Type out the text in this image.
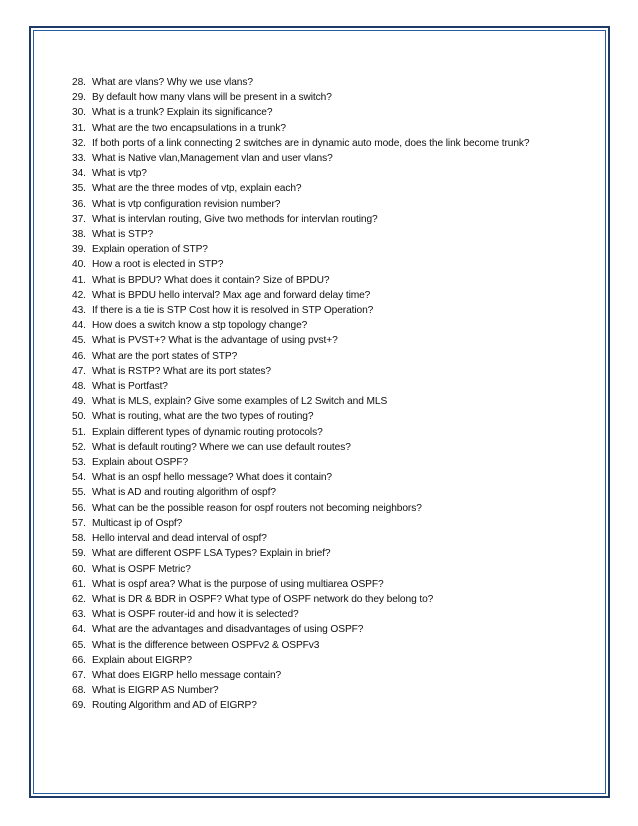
28. What are vlans? Why we use vlans?
29. By default how many vlans will be present in a switch?
30. What is a trunk? Explain its significance?
31. What are the two encapsulations in a trunk?
32. If both ports of a link connecting 2 switches are in dynamic auto mode, does the link become trunk?
33. What is Native vlan,Management vlan and user vlans?
34. What is vtp?
35. What are the three modes of vtp, explain each?
36. What is vtp configuration revision number?
37. What is intervlan routing, Give two methods for intervlan routing?
38. What is STP?
39. Explain operation of STP?
40. How a root is elected in STP?
41. What is BPDU? What does it contain? Size of BPDU?
42. What is BPDU hello interval? Max age and forward delay time?
43. If there is a tie is STP Cost how it is resolved in STP Operation?
44. How does a switch know a stp topology change?
45. What is PVST+? What is the advantage of using pvst+?
46. What are the port states of STP?
47. What is RSTP? What are its port states?
48. What is Portfast?
49. What is MLS, explain? Give some examples of L2 Switch and MLS
50. What is routing, what are the two types of routing?
51. Explain different types of dynamic routing protocols?
52. What is default routing? Where we can use default routes?
53. Explain about OSPF?
54. What is an ospf hello message? What does it contain?
55. What is AD and routing algorithm of ospf?
56. What can be the possible reason for ospf routers not becoming neighbors?
57. Multicast ip of Ospf?
58. Hello interval and dead interval of ospf?
59. What are different OSPF LSA Types? Explain in brief?
60. What is OSPF Metric?
61. What is ospf area? What is the purpose of using multiarea OSPF?
62. What is DR & BDR in OSPF? What type of OSPF network do they belong to?
63. What is OSPF router-id and how it is selected?
64. What are the advantages and disadvantages of using OSPF?
65. What is the difference between OSPFv2 & OSPFv3
66. Explain about EIGRP?
67. What does EIGRP hello message contain?
68. What is EIGRP AS Number?
69. Routing Algorithm and AD of EIGRP?
